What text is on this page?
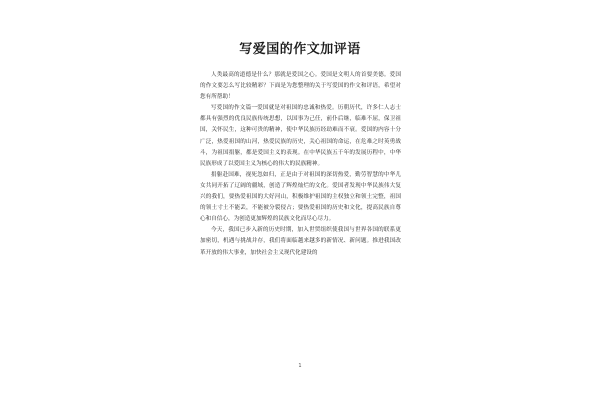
写爱国的作文加评语

人类最高的道德是什么？那就是爱国之心。爱国是文明人的首要美德。爱国的作文要怎么写比较精彩？下面是为您整理的关于写爱国的作文和评语，希望对您有所帮助！

写爱国的作文篇一爱国就是对祖国的忠诚和热爱。历朝历代，许多仁人志士都具有强烈的优良民族传统思想，以国事为己任，前仆后继，临难不屈，保卫祖国，关怀民生，这种可贵的精神，使中华民族历经劫难而不衰。爱国的内容十分广泛，热爱祖国的山河，热爱民族的历史，关心祖国的命运，在危难之时英勇战斗，为祖国捐躯，都是爱国主义的表现。在中华民族五千年的发展历程中，中华民族形成了以爱国主义为核心的伟大的民族精神。

捐躯赴国难，视死忽如归，正是由于对祖国的深切热爱，勤劳智慧的中华儿女共同开拓了辽阔的疆域，创造了辉煌灿烂的文化。爱国者发现中华民族伟大复兴的我们，要热爱祖国的大好河山，积极维护祖国的主权独立和领土完整，祖国的领土寸土不能丢，不能被分裂侵占；要热爱祖国的历史和文化，提高民族自尊心和自信心，为创造更加辉煌的民族文化而尽心尽力。

今天，我国已步入新的历史时期，加入世贸组织使我国与世界各国的联系更加密切，机遇与挑战并存，我们将面临越来越多的新情况、新问题。推进我国改革开放的伟大事业，加快社会主义现代化建设的

1
